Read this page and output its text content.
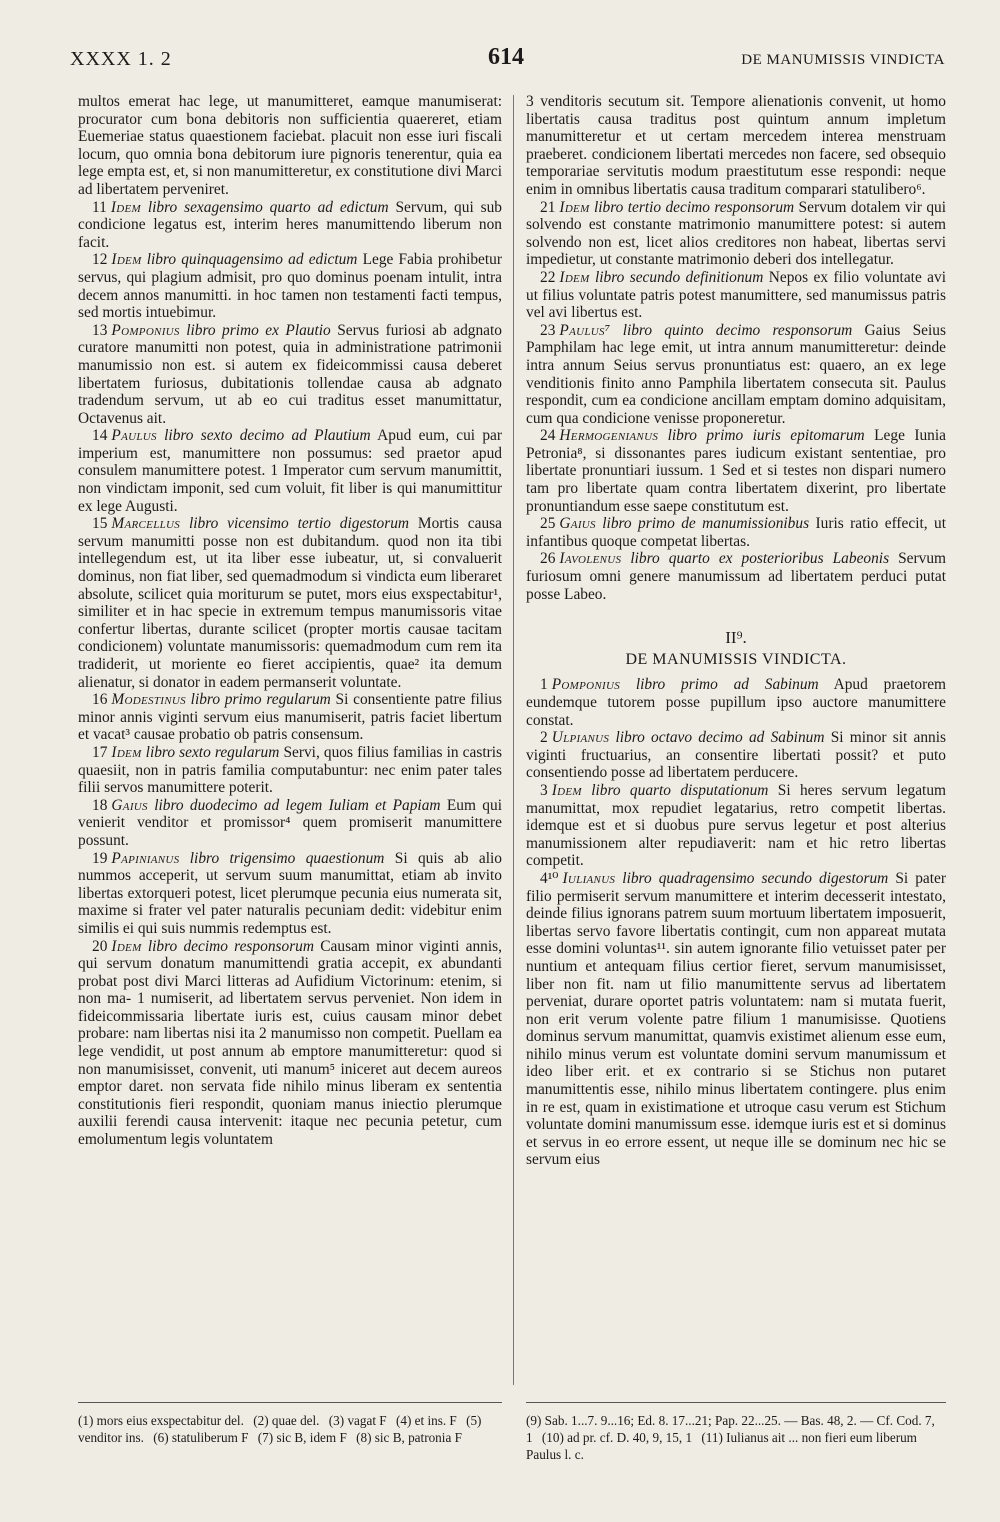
XXXX 1. 2	614	DE MANUMISSIS VINDICTA

multos emerat hac lege, ut manumitteret, eamque manumiserat: procurator cum bona debitoris non sufficientia quaereret, etiam Euemeriae status quaestionem faciebat. placuit non esse iuri fiscali locum, quo omnia bona debitorum iure pignoris tenerentur, quia ea lege empta est, et, si non manumitteretur, ex constitutione divi Marci ad libertatem perveniret.

11 Idem libro sexagensimo quarto ad edictum Servum, qui sub condicione legatus est, interim heres manumittendo liberum non facit.

12 Idem libro quinquagensimo ad edictum Lege Fabia prohibetur servus, qui plagium admisit, pro quo dominus poenam intulit, intra decem annos manumitti. in hoc tamen non testamenti facti tempus, sed mortis intuebimur.

13 Pomponius libro primo ex Plautio Servus furiosi ab adgnato curatore manumitti non potest, quia in administratione patrimonii manumissio non est. si autem ex fideicommissi causa deberet libertatem furiosus, dubitationis tollendae causa ab adgnato tradendum servum, ut ab eo cui traditus esset manumittatur, Octavenus ait.

14 Paulus libro sexto decimo ad Plautium Apud eum, cui par imperium est, manumittere non possumus: sed praetor apud consulem manumittere potest. 1 Imperator cum servum manumittit, non vindictam imponit, sed cum voluit, fit liber is qui manumittitur ex lege Augusti.

15 Marcellus libro vicensimo tertio digestorum Mortis causa servum manumitti posse non est dubitandum. quod non ita tibi intellegendum est, ut ita liber esse iubeatur, ut, si convaluerit dominus, non fiat liber, sed quemadmodum si vindicta eum liberaret absolute, scilicet quia moriturum se putet, mors eius exspectabitur¹, similiter et in hac specie in extremum tempus manumissoris vitae confertur libertas, durante scilicet (propter mortis causae tacitam condicionem) voluntate manumissoris: quemadmodum cum rem ita tradiderit, ut moriente eo fieret accipientis, quae² ita demum alienatur, si donator in eadem permanserit voluntate.

16 Modestinus libro primo regularum Si consentiente patre filius minor annis viginti servum eius manumiserit, patris faciet libertum et vacat³ causae probatio ob patris consensum.

17 Idem libro sexto regularum Servi, quos filius familias in castris quaesiit, non in patris familia computabuntur: nec enim pater tales filii servos manumittere poterit.

18 Gaius libro duodecimo ad legem Iuliam et Papiam Eum qui venierit venditor et promissor⁴ quem promiserit manumittere possunt.

19 Papinianus libro trigensimo quaestionum Si quis ab alio nummos acceperit, ut servum suum manumittat, etiam ab invito libertas extorqueri potest, licet plerumque pecunia eius numerata sit, maxime si frater vel pater naturalis pecuniam dedit: videbitur enim similis ei qui suis nummis redemptus est.

20 Idem libro decimo responsorum Causam minor viginti annis, qui servum donatum manumittendi gratia accepit, ex abundanti probat post divi Marci litteras ad Aufidium Victorinum: etenim, si non ma- 1 numiserit, ad libertatem servus perveniet. Non idem in fideicommissaria libertate iuris est, cuius causam minor debet probare: nam libertas nisi ita 2 manumisso non competit. Puellam ea lege vendidit, ut post annum ab emptore manumitteretur: quod si non manumisisset, convenit, uti manum⁵ iniceret aut decem aureos emptor daret. non servata fide nihilo minus liberam ex sententia constitutionis fieri respondit, quoniam manus iniectio plerumque auxilii ferendi causa intervenit: itaque nec pecunia petetur, cum emolumentum legis voluntatem

3 venditoris secutum sit. Tempore alienationis convenit, ut homo libertatis causa traditus post quintum annum impletum manumitteretur et ut certam mercedem interea menstruam praeberet. condicionem libertati mercedes non facere, sed obsequio temporariae servitutis modum praestitutum esse respondi: neque enim in omnibus libertatis causa traditum comparari statulibero⁶.

21 Idem libro tertio decimo responsorum Servum dotalem vir qui solvendo est constante matrimonio manumittere potest: si autem solvendo non est, licet alios creditores non habeat, libertas servi impedietur, ut constante matrimonio deberi dos intellegatur.

22 Idem libro secundo definitionum Nepos ex filio voluntate avi ut filius voluntate patris potest manumittere, sed manumissus patris vel avi libertus est.

23 Paulus⁷ libro quinto decimo responsorum Gaius Seius Pamphilam hac lege emit, ut intra annum manumitteretur: deinde intra annum Seius servus pronuntiatus est: quaero, an ex lege venditionis finito anno Pamphila libertatem consecuta sit. Paulus respondit, cum ea condicione ancillam emptam domino adquisitam, cum qua condicione venisse proponeretur.

24 Hermogenianus libro primo iuris epitomarum Lege Iunia Petronia⁸, si dissonantes pares iudicum existant sententiae, pro libertate pronuntiari iussum. 1 Sed et si testes non dispari numero tam pro libertate quam contra libertatem dixerint, pro libertate pronuntiandum esse saepe constitutum est.

25 Gaius libro primo de manumissionibus Iuris ratio effecit, ut infantibus quoque competat libertas.

26 Iavolenus libro quarto ex posterioribus Labeonis Servum furiosum omni genere manumissum ad libertatem perduci putat posse Labeo.

II⁹.
DE MANUMISSIS VINDICTA.

1 Pomponius libro primo ad Sabinum Apud praetorem eundemque tutorem posse pupillum ipso auctore manumittere constat.

2 Ulpianus libro octavo decimo ad Sabinum Si minor sit annis viginti fructuarius, an consentire libertati possit? et puto consentiendo posse ad libertatem perducere.

3 Idem libro quarto disputationum Si heres servum legatum manumittat, mox repudiet legatarius, retro competit libertas. idemque est et si duobus pure servus legetur et post alterius manumissionem alter repudiaverit: nam et hic retro libertas competit.

4¹⁰ Iulianus libro quadragensimo secundo digestorum Si pater filio permiserit servum manumittere et interim decesserit intestato, deinde filius ignorans patrem suum mortuum libertatem imposuerit, libertas servo favore libertatis contingit, cum non appareat mutata esse domini voluntas¹¹. sin autem ignorante filio vetuisset pater per nuntium et antequam filius certior fieret, servum manumisisset, liber non fit. nam ut filio manumittente servus ad libertatem perveniat, durare oportet patris voluntatem: nam si mutata fuerit, non erit verum volente patre filium 1 manumisisse. Quotiens dominus servum manumittat, quamvis existimet alienum esse eum, nihilo minus verum est voluntate domini servum manumissum et ideo liber erit. et ex contrario si se Stichus non putaret manumittentis esse, nihilo minus libertatem contingere. plus enim in re est, quam in existimatione et utroque casu verum est Stichum voluntate domini manumissum esse. idemque iuris est et si dominus et servus in eo errore essent, ut neque ille se dominum nec hic se servum eius

(1) mors eius exspectabitur del. (2) quae del. (3) vagat F (4) et ins. F (5) venditor ins. (6) statuliberum F (7) sic B, idem F (8) sic B, patronia F
(9) Sab. 1...7. 9...16; Ed. 8. 17...21; Pap. 22...25. — Bas. 48, 2. — Cf. Cod. 7, 1 (10) ad pr. cf. D. 40, 9, 15, 1 (11) Iulianus ait ... non fieri eum liberum Paulus l. c.
